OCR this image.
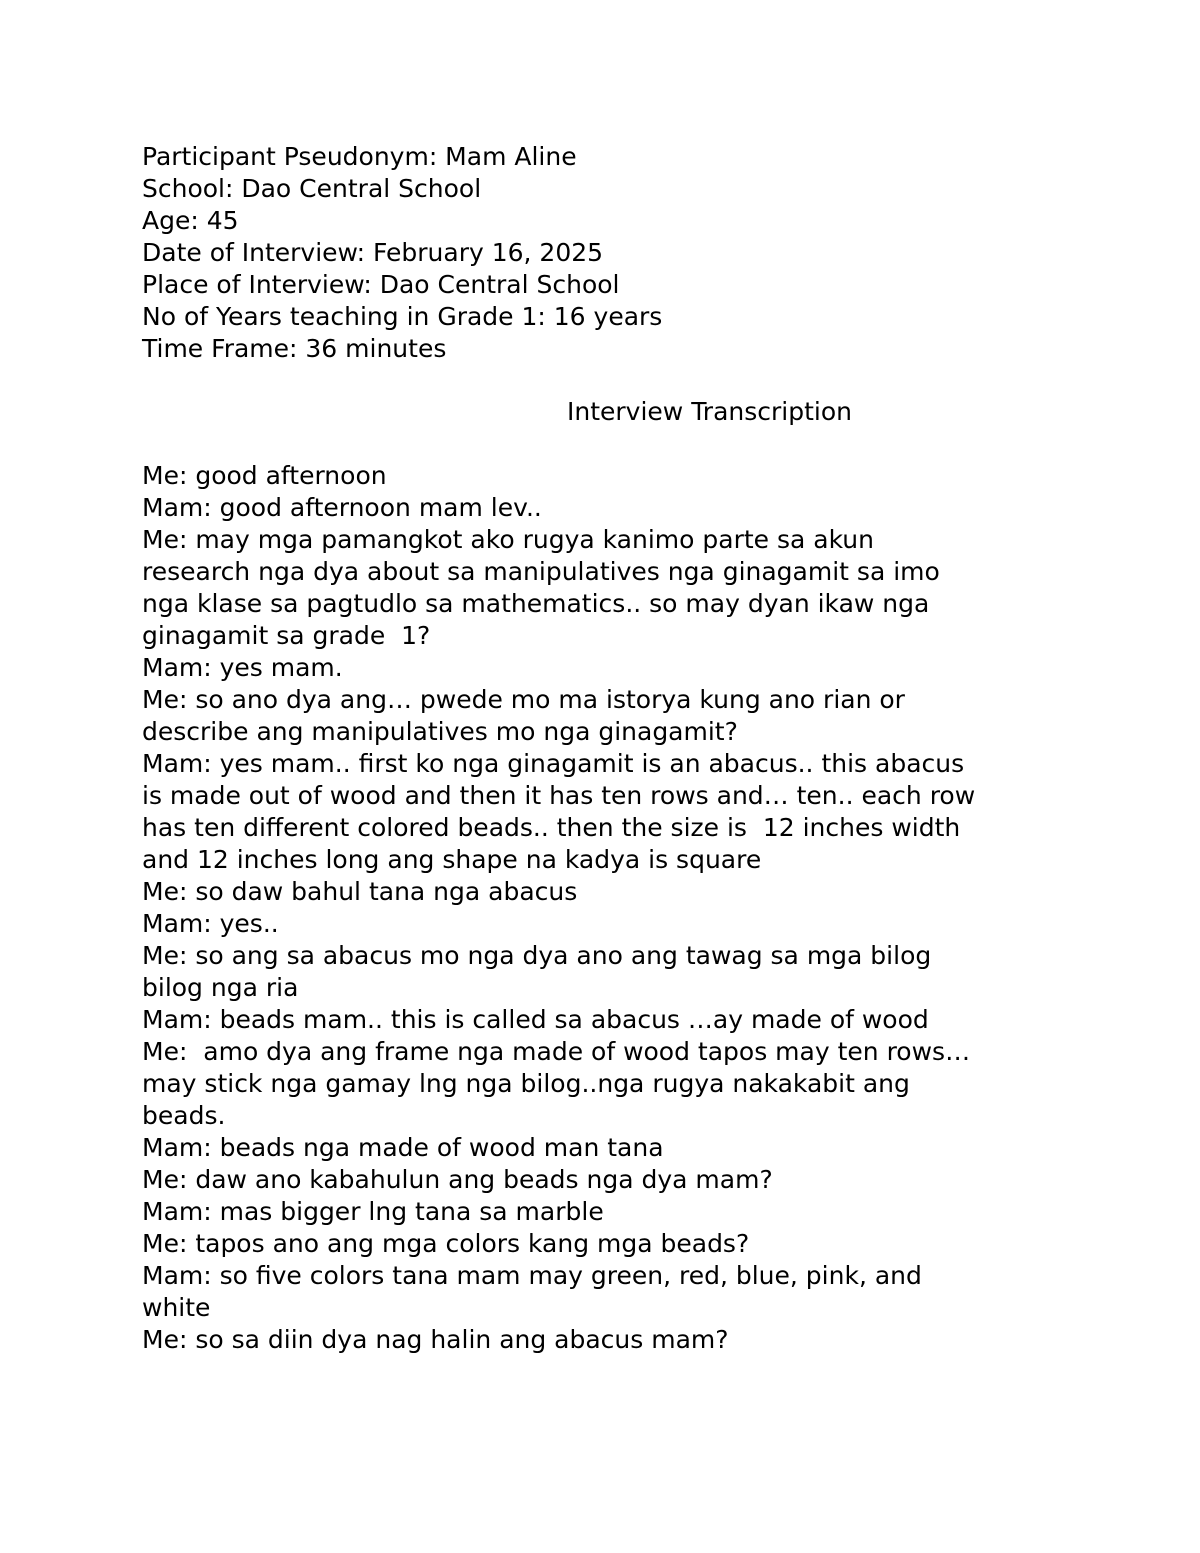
Participant Pseudonym: Mam Aline
School: Dao Central School
Age: 45
Date of Interview: February 16, 2025
Place of Interview: Dao Central School
No of Years teaching in Grade 1: 16 years
Time Frame: 36 minutes
Interview Transcription
Me: good afternoon
Mam: good afternoon mam lev..
Me: may mga pamangkot ako rugya kanimo parte sa akun
research nga dya about sa manipulatives nga ginagamit sa imo
nga klase sa pagtudlo sa mathematics.. so may dyan ikaw nga
ginagamit sa grade  1?
Mam: yes mam.
Me: so ano dya ang… pwede mo ma istorya kung ano rian or
describe ang manipulatives mo nga ginagamit?
Mam: yes mam.. first ko nga ginagamit is an abacus.. this abacus
is made out of wood and then it has ten rows and… ten.. each row
has ten different colored beads.. then the size is  12 inches width
and 12 inches long ang shape na kadya is square
Me: so daw bahul tana nga abacus
Mam: yes..
Me: so ang sa abacus mo nga dya ano ang tawag sa mga bilog
bilog nga ria
Mam: beads mam.. this is called sa abacus …ay made of wood
Me:  amo dya ang frame nga made of wood tapos may ten rows…
may stick nga gamay lng nga bilog..nga rugya nakakabit ang
beads.
Mam: beads nga made of wood man tana
Me: daw ano kabahulun ang beads nga dya mam?
Mam: mas bigger lng tana sa marble
Me: tapos ano ang mga colors kang mga beads?
Mam: so five colors tana mam may green, red, blue, pink, and
white
Me: so sa diin dya nag halin ang abacus mam?
